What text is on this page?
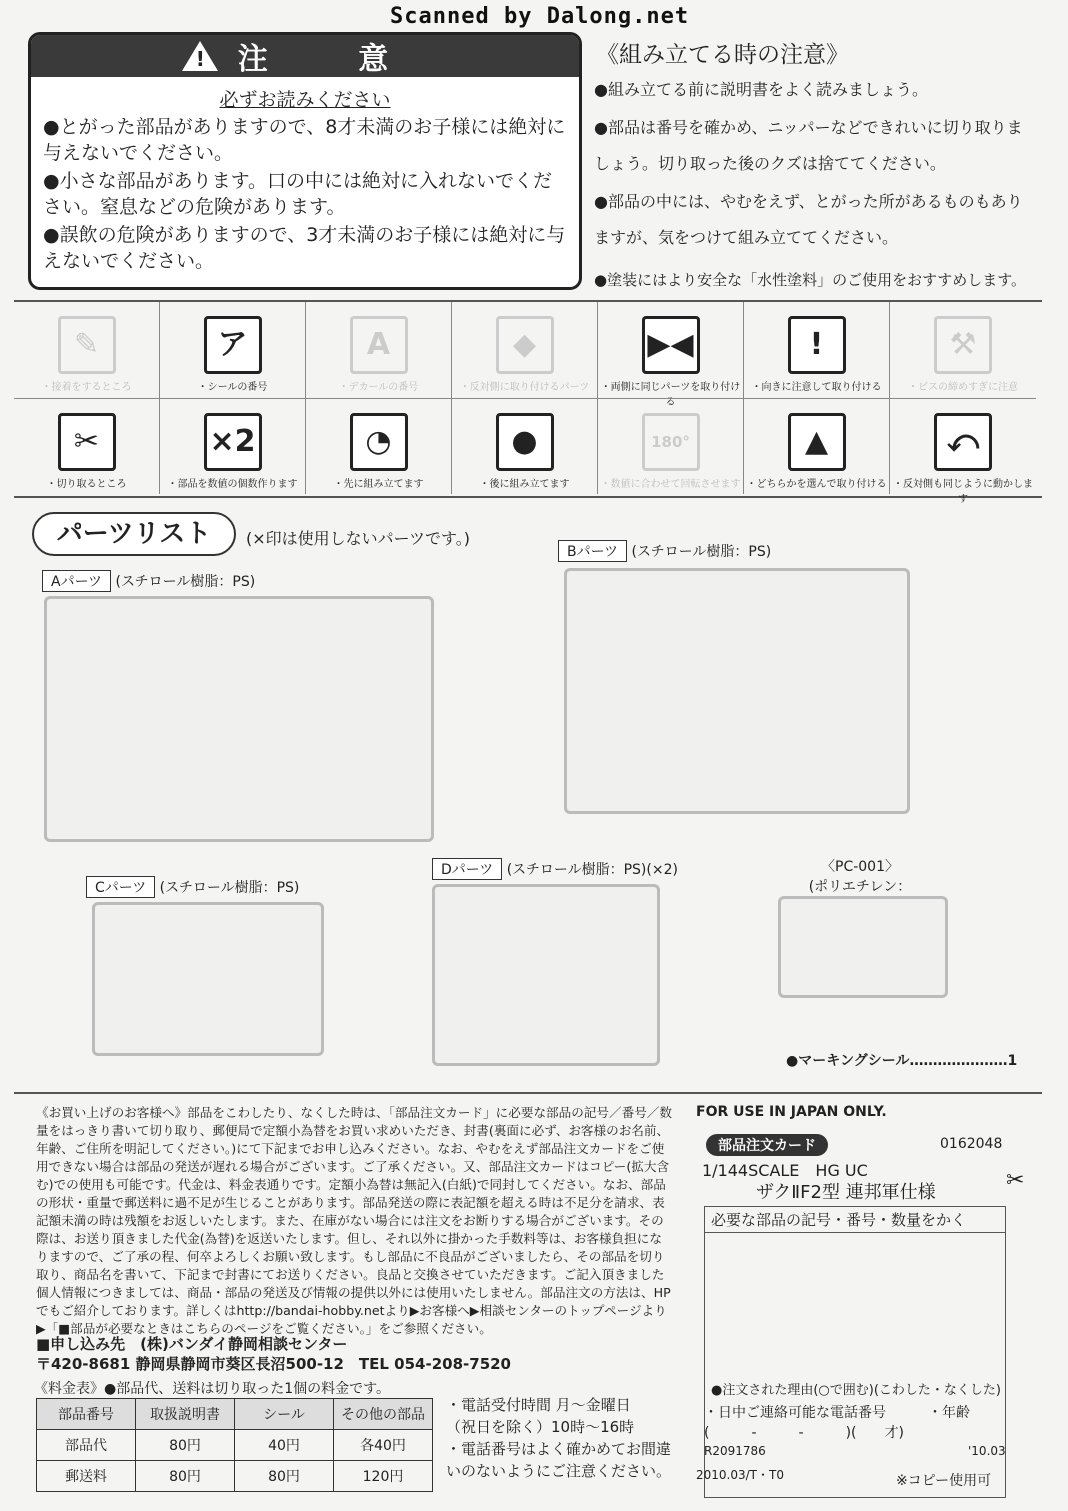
Scanned by Dalong.net
! 注 意
必ずお読みください
●とがった部品がありますので、8才未満のお子様には絶対に与えないでください。
●小さな部品があります。口の中には絶対に入れないでください。窒息などの危険があります。
●誤飲の危険がありますので、3才未満のお子様には絶対に与えないでください。
《組み立てる時の注意》
●組み立てる前に説明書をよく読みましょう。
●部品は番号を確かめ、ニッパーなどできれいに切り取りましょう。切り取った後のクズは捨ててください。
●部品の中には、やむをえず、とがった所があるものもありますが、気をつけて組み立ててください。
●塗装にはより安全な「水性塗料」のご使用をおすすめします。
✎
・接着をするところ
ア
・シールの番号
A
・デカールの番号
◆
・反対側に取り付けるパーツ
▶◀
・両側に同じパーツを取り付ける
!
・向きに注意して取り付ける
⚒
・ビスの締めすぎに注意
✂
・切り取るところ
×2
・部品を数値の個数作ります
◔
・先に組み立てます
●
・後に組み立てます
180°
・数値に合わせて回転させます
▲
・どちらかを選んで取り付ける
⤺
・反対側も同じように動かします
パーツリスト	(×印は使用しないパーツです。)
Aパーツ (スチロール樹脂：PS)
Bパーツ (スチロール樹脂：PS)
Cパーツ (スチロール樹脂：PS)
Dパーツ (スチロール樹脂：PS)(×2)	〈PC-001〉
(ポリエチレン：
●マーキングシール…………………1
《お買い上げのお客様へ》部品をこわしたり、なくした時は、「部品注文カード」に必要な部品の記号／番号／数量をはっきり書いて切り取り、郵便局で定額小為替をお買い求めいただき、封書(裏面に必ず、お客様のお名前、年齢、ご住所を明記してください。)にて下記までお申し込みください。なお、やむをえず部品注文カードをご使用できない場合は部品の発送が遅れる場合がございます。ご了承ください。又、部品注文カードはコピー(拡大含む)での使用も可能です。代金は、料金表通りです。定額小為替は無記入(白紙)で同封してください。なお、部品の形状・重量で郵送料に過不足が生じることがあります。部品発送の際に表記額を超える時は不足分を請求、表記額未満の時は残額をお返しいたします。また、在庫がない場合には注文をお断りする場合がございます。その際は、お送り頂きました代金(為替)を返送いたします。但し、それ以外に掛かった手数料等は、お客様負担になりますので、ご了承の程、何卒よろしくお願い致します。もし部品に不良品がございましたら、その部品を切り取り、商品名を書いて、下記まで封書にてお送りください。良品と交換させていただきます。ご記入頂きました個人情報につきましては、商品・部品の発送及び情報の提供以外には使用いたしません。部品注文の方法は、HPでもご紹介しております。詳しくはhttp://bandai-hobby.netより▶お客様へ▶相談センターのトップページより▶「■部品が必要なときはこちらのページをご覧ください。」をご参照ください。
■申し込み先　(株)バンダイ静岡相談センター
〒420-8681 静岡県静岡市葵区長沼500-12　TEL 054-208-7520
《料金表》●部品代、送料は切り取った1個の料金です。
部品番号	取扱説明書	シール	その他の部品
部品代	80円	40円	各40円
郵送料	80円	80円	120円
・電話受付時間 月～金曜日
（祝日を除く）10時～16時
・電話番号はよく確かめてお間違
いのないようにご注意ください。
FOR USE IN JAPAN ONLY.
部品注文カード	0162048
1/144SCALE　HG UC
ザクⅡF2型 連邦軍仕様	✂
必要な部品の記号・番号・数量をかく
●注文された理由(○で囲む)(こわした・なくした)
・日中ご連絡可能な電話番号	・年齢
(　　　-　　　-　　　)(　　才)
R2091786	'10.03
2010.03/T・T0	※コピー使用可
